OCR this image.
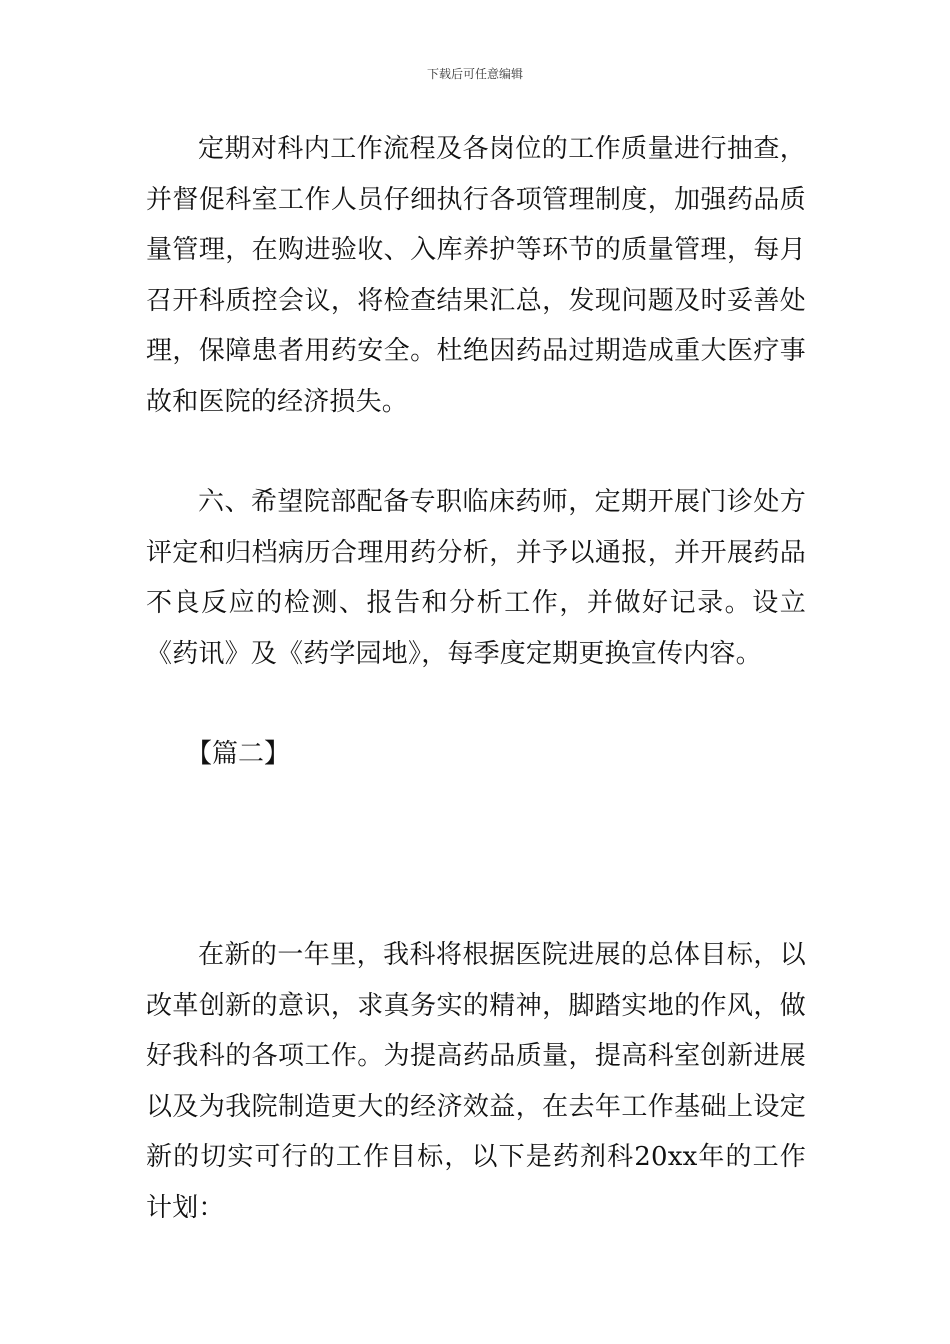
下载后可任意编辑

定期对科内工作流程及各岗位的工作质量进行抽查，并督促科室工作人员仔细执行各项管理制度，加强药品质量管理，在购进验收、入库养护等环节的质量管理，每月召开科质控会议，将检查结果汇总，发现问题及时妥善处理，保障患者用药安全。杜绝因药品过期造成重大医疗事故和医院的经济损失。

六、希望院部配备专职临床药师，定期开展门诊处方评定和归档病历合理用药分析，并予以通报，并开展药品不良反应的检测、报告和分析工作，并做好记录。设立《药讯》及《药学园地》，每季度定期更换宣传内容。

【篇二】

在新的一年里，我科将根据医院进展的总体目标，以改革创新的意识，求真务实的精神，脚踏实地的作风，做好我科的各项工作。为提高药品质量，提高科室创新进展以及为我院制造更大的经济效益，在去年工作基础上设定新的切实可行的工作目标，以下是药剂科20xx年的工作计划：
